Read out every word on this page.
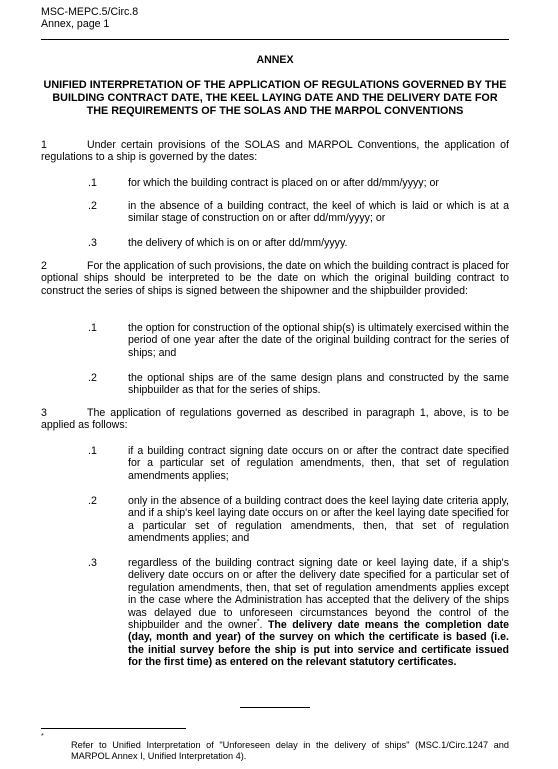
MSC-MEPC.5/Circ.8
Annex, page 1
ANNEX
UNIFIED INTERPRETATION OF THE APPLICATION OF REGULATIONS GOVERNED BY THE BUILDING CONTRACT DATE, THE KEEL LAYING DATE AND THE DELIVERY DATE FOR THE REQUIREMENTS OF THE SOLAS AND THE MARPOL CONVENTIONS
1	Under certain provisions of the SOLAS and MARPOL Conventions, the application of regulations to a ship is governed by the dates:
.1	for which the building contract is placed on or after dd/mm/yyyy; or
.2	in the absence of a building contract, the keel of which is laid or which is at a similar stage of construction on or after dd/mm/yyyy; or
.3	the delivery of which is on or after dd/mm/yyyy.
2	For the application of such provisions, the date on which the building contract is placed for optional ships should be interpreted to be the date on which the original building contract to construct the series of ships is signed between the shipowner and the shipbuilder provided:
.1	the option for construction of the optional ship(s) is ultimately exercised within the period of one year after the date of the original building contract for the series of ships; and
.2	the optional ships are of the same design plans and constructed by the same shipbuilder as that for the series of ships.
3	The application of regulations governed as described in paragraph 1, above, is to be applied as follows:
.1	if a building contract signing date occurs on or after the contract date specified for a particular set of regulation amendments, then, that set of regulation amendments applies;
.2	only in the absence of a building contract does the keel laying date criteria apply, and if a ship's keel laying date occurs on or after the keel laying date specified for a particular set of regulation amendments, then, that set of regulation amendments applies; and
.3	regardless of the building contract signing date or keel laying date, if a ship's delivery date occurs on or after the delivery date specified for a particular set of regulation amendments, then, that set of regulation amendments applies except in the case where the Administration has accepted that the delivery of the ships was delayed due to unforeseen circumstances beyond the control of the shipbuilder and the owner*. The delivery date means the completion date (day, month and year) of the survey on which the certificate is based (i.e. the initial survey before the ship is put into service and certificate issued for the first time) as entered on the relevant statutory certificates.
*
Refer to Unified Interpretation of "Unforeseen delay in the delivery of ships" (MSC.1/Circ.1247 and MARPOL Annex I, Unified Interpretation 4).
